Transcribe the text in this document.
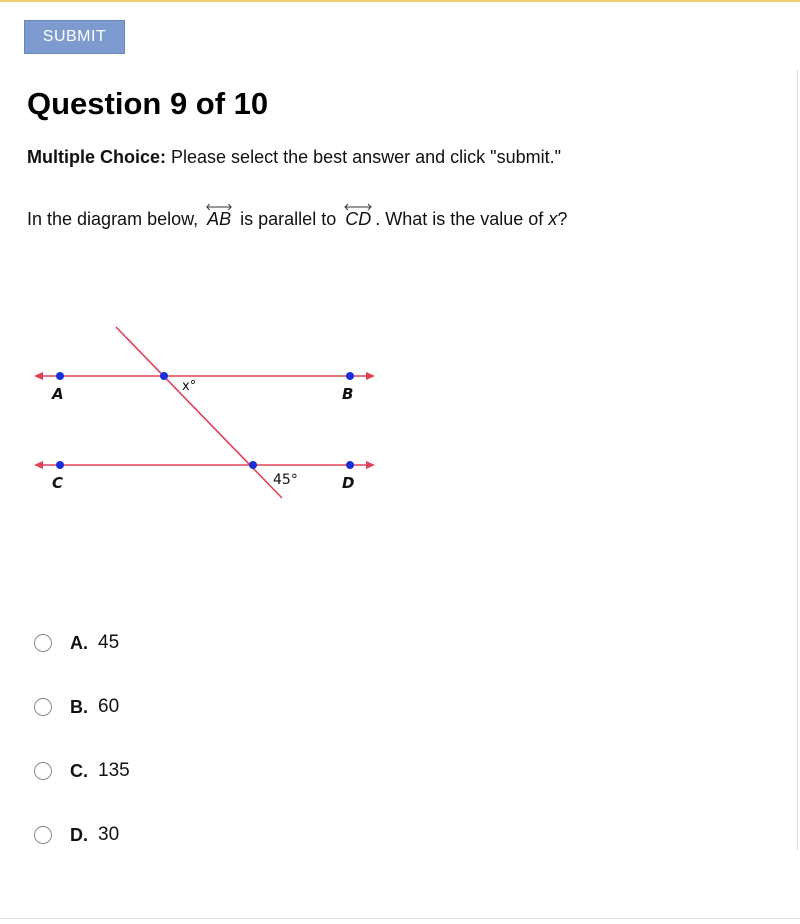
SUBMIT
Question 9 of 10
Multiple Choice: Please select the best answer and click "submit."
In the diagram below, AB is parallel to CD . What is the value of x?
A	B
C	D
x°
45°
A. 45
B. 60
C. 135
D. 30
